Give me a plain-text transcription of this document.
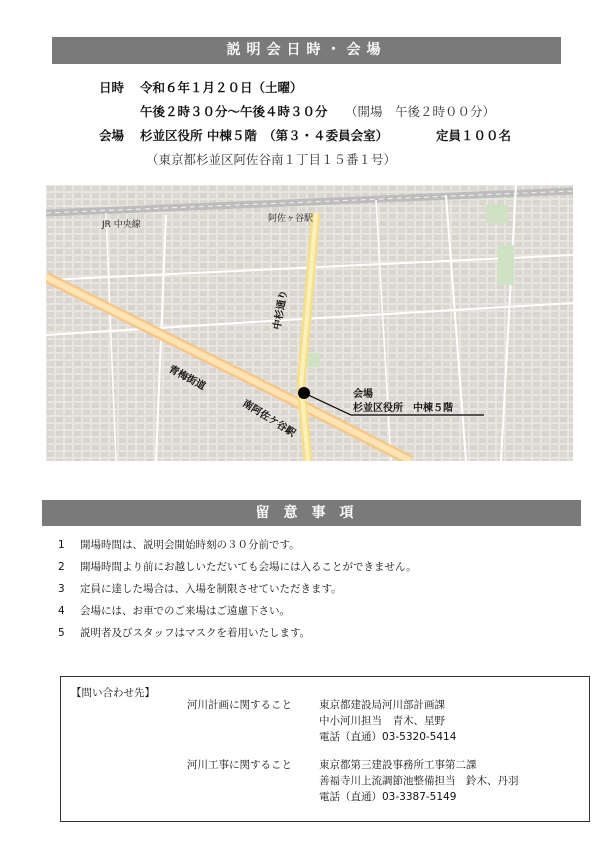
説明会日時・会場
日時 令和６年１月２０日（土曜）
午後２時３０分〜午後４時３０分 （開場　午後２時００分）
会場 杉並区役所 中棟５階　（第３・４委員会室）	定員１００名
（東京都杉並区阿佐谷南１丁目１５番１号）
JR 中央線
阿佐ヶ谷駅
中杉通り
青梅街道
南阿佐ケ谷駅
会場
杉並区役所　中棟５階
留意事項
1 開場時間は、説明会開始時刻の３０分前です。
2 開場時間より前にお越しいただいても会場には入ることができません。
3 定員に達した場合は、入場を制限させていただきます。
4 会場には、お車でのご来場はご遠慮下さい。
5 説明者及びスタッフはマスクを着用いたします。
【問い合わせ先】
河川計画に関すること	東京都建設局河川部計画課
中小河川担当　青木、星野
電話（直通）03-5320-5414
河川工事に関すること	東京都第三建設事務所工事第二課
善福寺川上流調節池整備担当　鈴木、丹羽
電話（直通）03-3387-5149
